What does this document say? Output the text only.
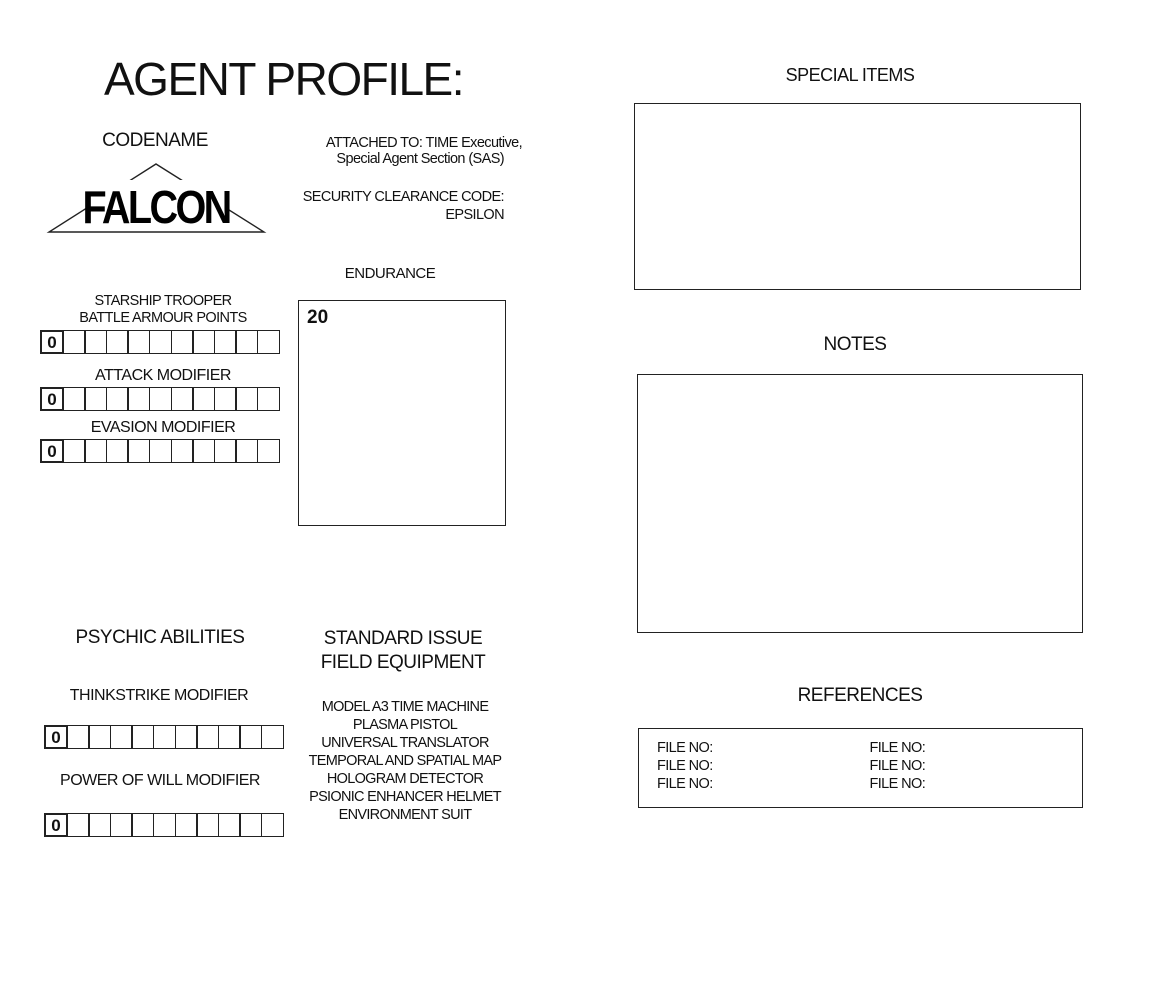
AGENT PROFILE:
CODENAME
FALCON
ATTACHED TO: TIME Executive,
Special Agent Section (SAS)
SECURITY CLEARANCE CODE:
EPSILON
ENDURANCE
20
STARSHIP TROOPER
BATTLE ARMOUR POINTS
0
ATTACK MODIFIER
0
EVASION MODIFIER
0
PSYCHIC ABILITIES
THINKSTRIKE MODIFIER
0
POWER OF WILL MODIFIER
0
STANDARD ISSUE
FIELD EQUIPMENT
MODEL A3 TIME MACHINE
PLASMA PISTOL
UNIVERSAL TRANSLATOR
TEMPORAL AND SPATIAL MAP
HOLOGRAM DETECTOR
PSIONIC ENHANCER HELMET
ENVIRONMENT SUIT
SPECIAL ITEMS
NOTES
REFERENCES
FILE NO:	FILE NO:
FILE NO:	FILE NO:
FILE NO:	FILE NO:
